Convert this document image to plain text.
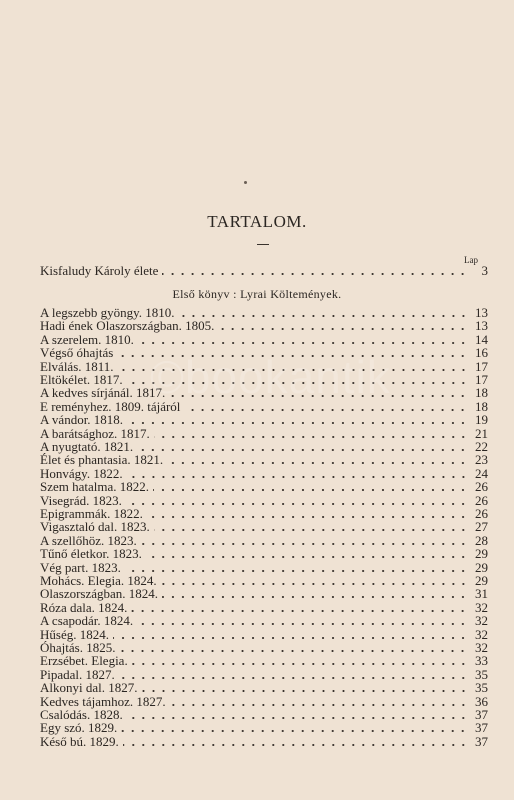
TARTALOM.
Lap
Kisfaludy Károly élete	3
Első könyv : Lyrai Költemények.
A legszebb gyöngy. 1810.	13
Hadi ének Olaszországban. 1805.	13
A szerelem. 1810.	14
Végső óhajtás	16
Elválás. 1811.	17
Eltökélet. 1817.	17
A kedves sírjánál. 1817.	18
E reményhez. 1809. tájáról	18
A vándor. 1818.	19
A barátsághoz. 1817.	21
A nyugtató. 1821.	22
Élet és phantasia. 1821.	23
Honvágy. 1822.	24
Szem hatalma. 1822.	26
Visegrád. 1823.	26
Epigrammák. 1822.	26
Vigasztaló dal. 1823.	27
A szellőhöz. 1823.	28
Tűnő életkor. 1823.	29
Vég part. 1823.	29
Mohács. Elegia. 1824.	29
Olaszországban. 1824.	31
Róza dala. 1824.	32
A csapodár. 1824.	32
Hűség. 1824.	32
Óhajtás. 1825.	32
Erzsébet. Elegia.	33
Pipadal. 1827.	35
Alkonyi dal. 1827.	35
Kedves tájamhoz. 1827.	36
Csalódás. 1828.	37
Egy szó. 1829.	37
Késő bú. 1829.	37
